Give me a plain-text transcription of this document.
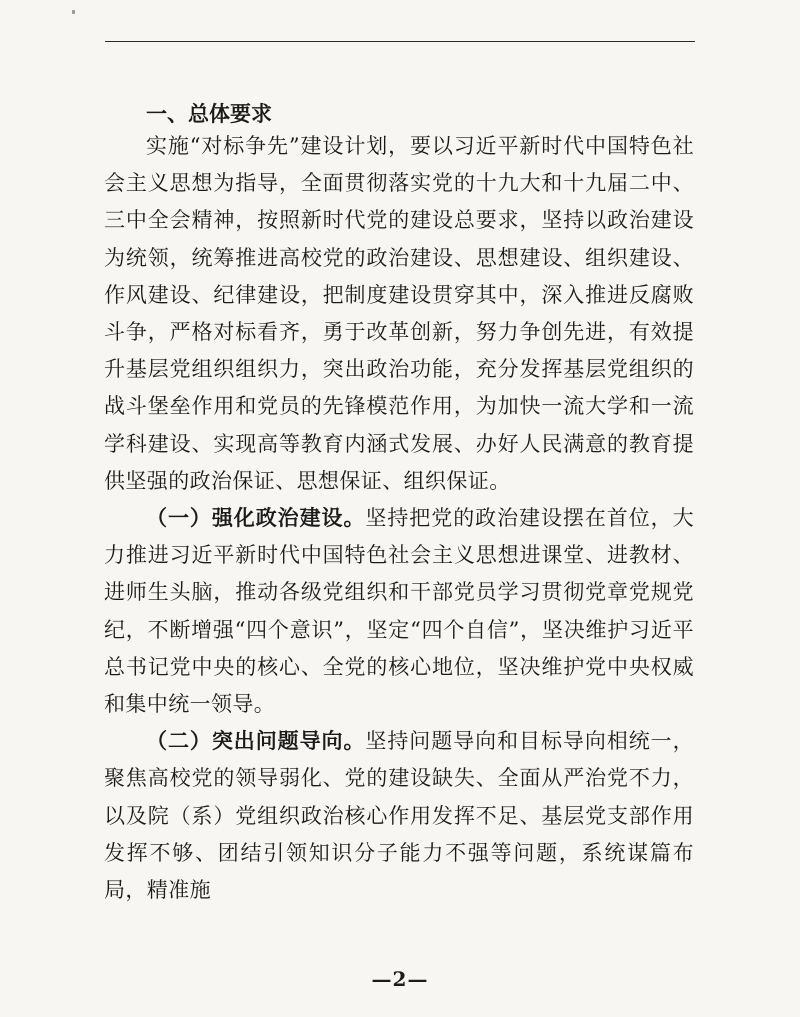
一、总体要求

实施“对标争先”建设计划，要以习近平新时代中国特色社会主义思想为指导，全面贯彻落实党的十九大和十九届二中、三中全会精神，按照新时代党的建设总要求，坚持以政治建设为统领，统筹推进高校党的政治建设、思想建设、组织建设、作风建设、纪律建设，把制度建设贯穿其中，深入推进反腐败斗争，严格对标看齐，勇于改革创新，努力争创先进，有效提升基层党组织组织力，突出政治功能，充分发挥基层党组织的战斗堡垒作用和党员的先锋模范作用，为加快一流大学和一流学科建设、实现高等教育内涵式发展、办好人民满意的教育提供坚强的政治保证、思想保证、组织保证。

（一）强化政治建设。坚持把党的政治建设摆在首位，大力推进习近平新时代中国特色社会主义思想进课堂、进教材、进师生头脑，推动各级党组织和干部党员学习贯彻党章党规党纪，不断增强“四个意识”，坚定“四个自信”，坚决维护习近平总书记党中央的核心、全党的核心地位，坚决维护党中央权威和集中统一领导。

（二）突出问题导向。坚持问题导向和目标导向相统一，聚焦高校党的领导弱化、党的建设缺失、全面从严治党不力，以及院（系）党组织政治核心作用发挥不足、基层党支部作用发挥不够、团结引领知识分子能力不强等问题，系统谋篇布局，精准施

—2—
